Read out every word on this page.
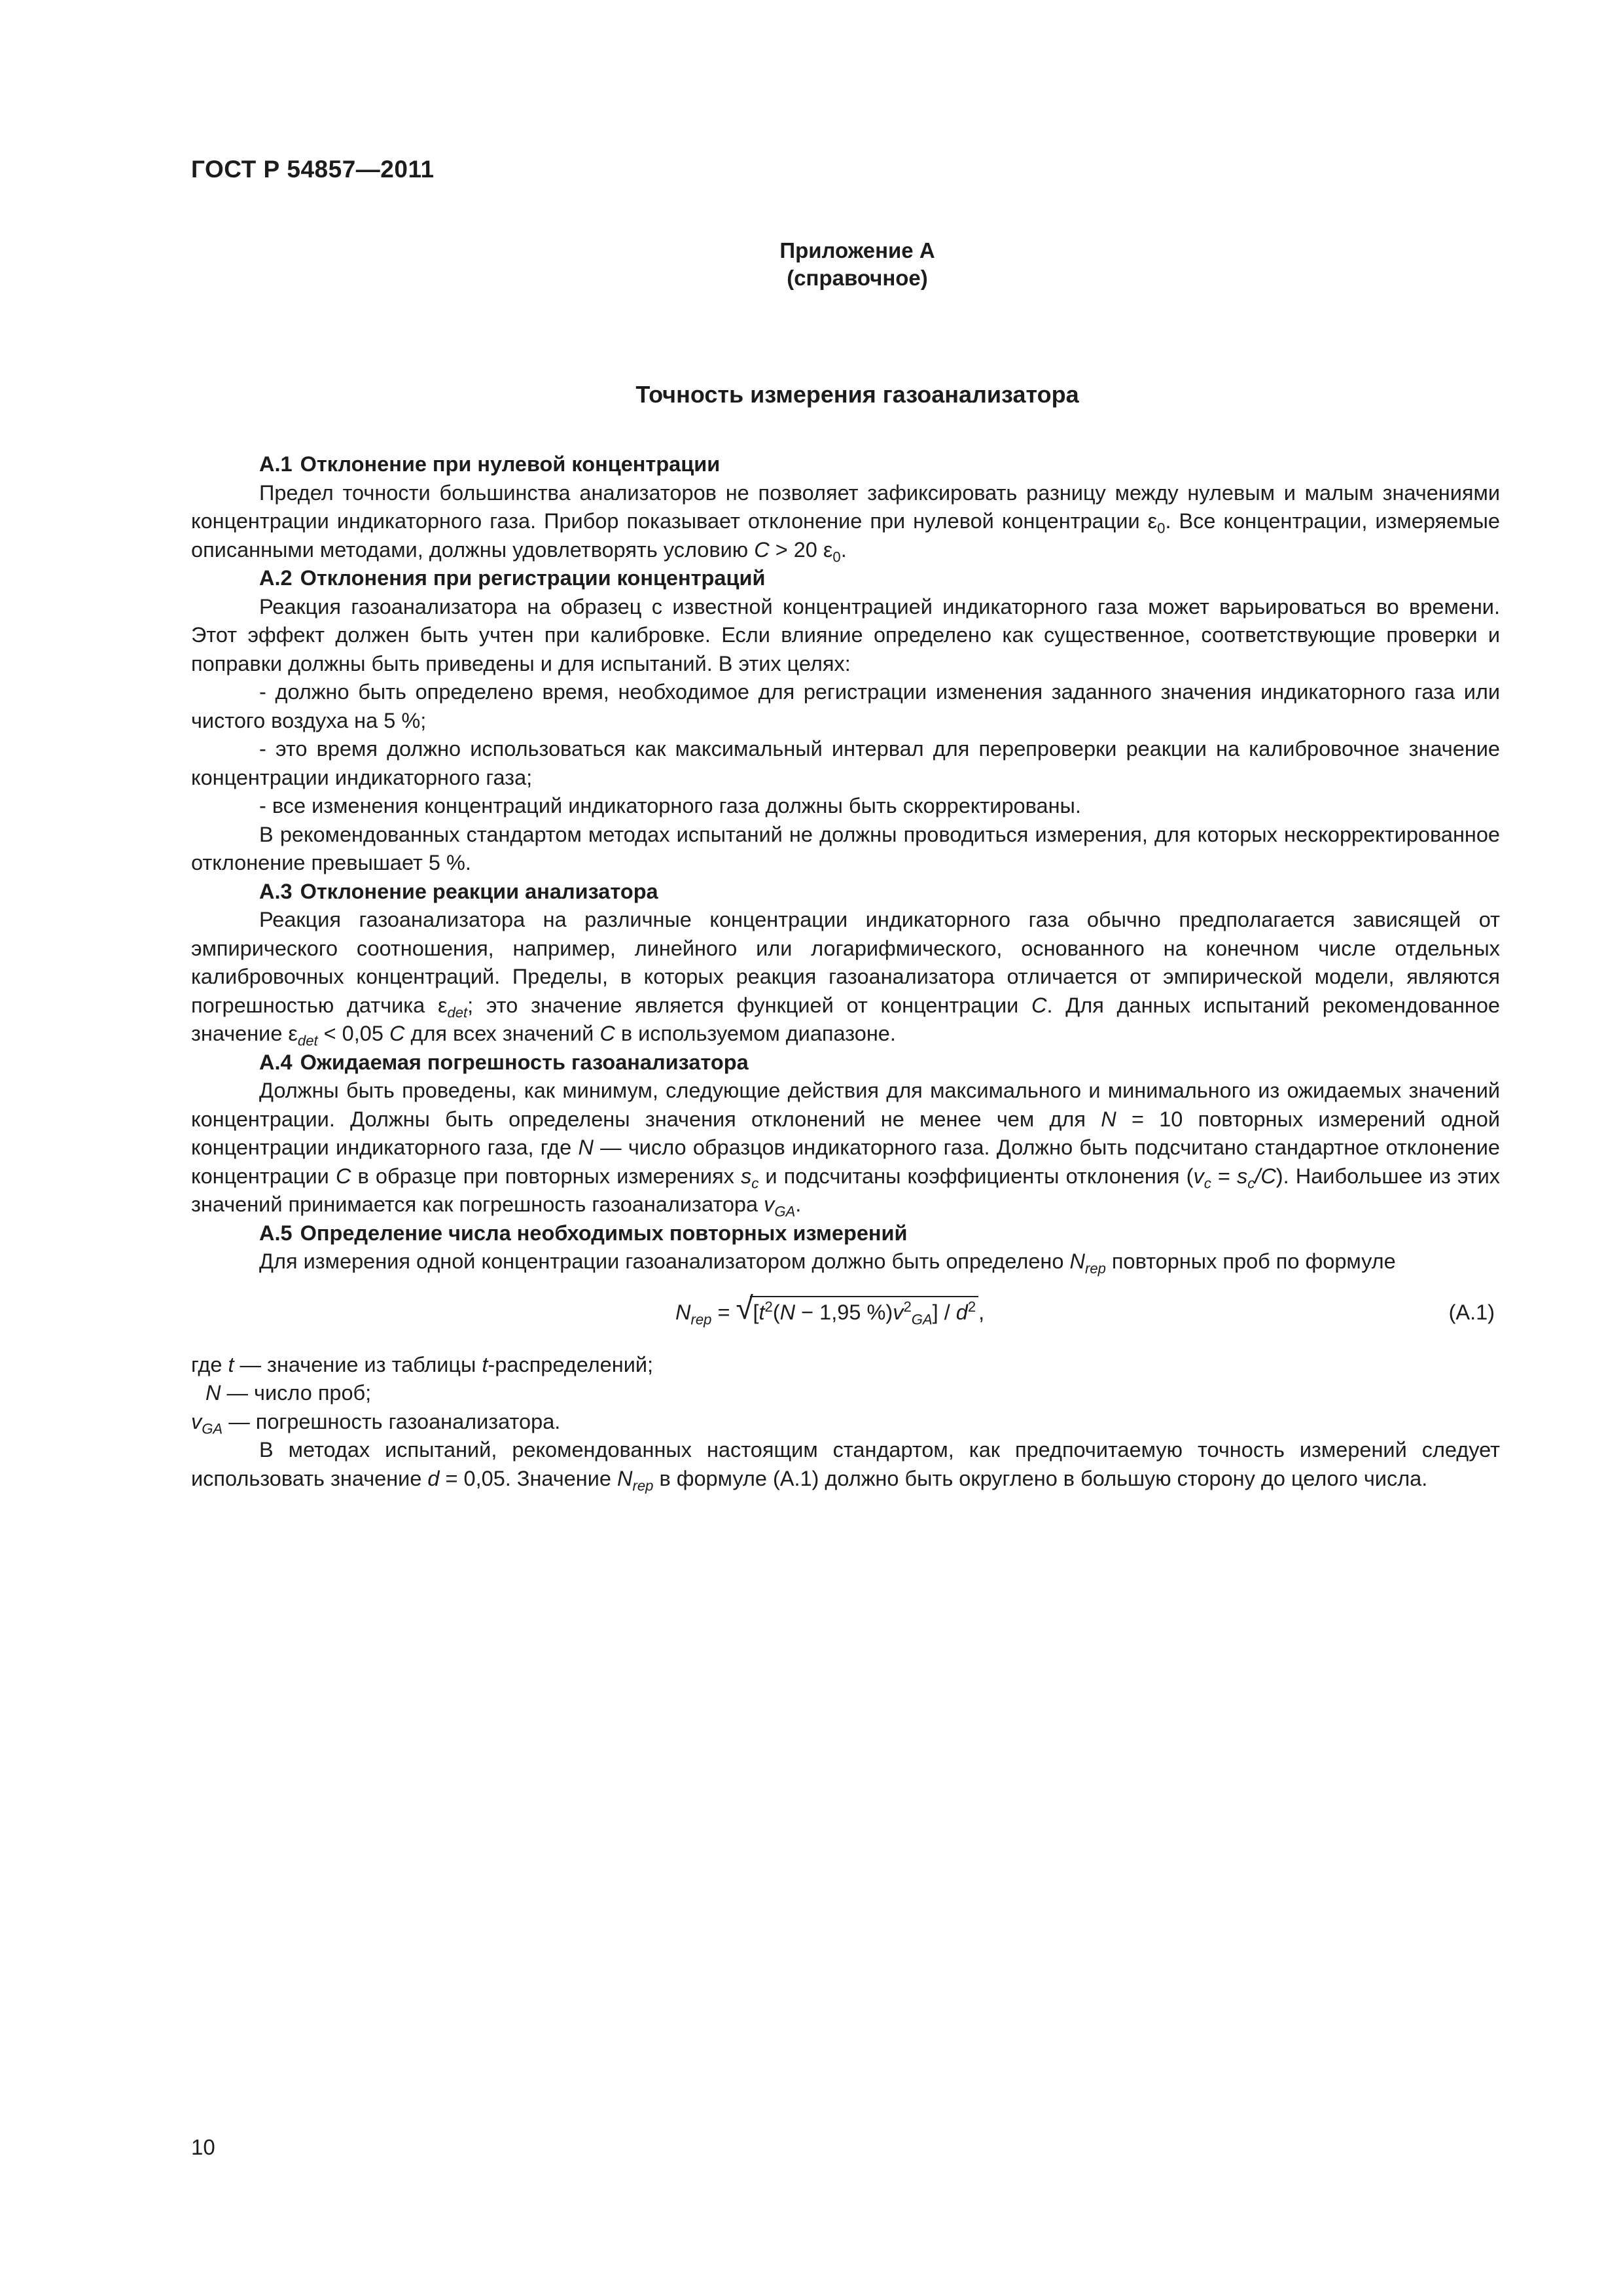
ГОСТ Р 54857—2011
Приложение А
(справочное)
Точность измерения газоанализатора
А.1 Отклонение при нулевой концентрации

Предел точности большинства анализаторов не позволяет зафиксировать разницу между нулевым и малым значениями концентрации индикаторного газа. Прибор показывает отклонение при нулевой концентрации $\varepsilon_0$. Все концентрации, измеряемые описанными методами, должны удовлетворять условию С > 20 $\varepsilon_0$.

А.2 Отклонения при регистрации концентраций

Реакция газоанализатора на образец с известной концентрацией индикаторного газа может варьироваться во времени. Этот эффект должен быть учтен при калибровке. Если влияние определено как существенное, соответствующие проверки и поправки должны быть приведены и для испытаний. В этих целях:

- должно быть определено время, необходимое для регистрации изменения заданного значения индикаторного газа или чистого воздуха на 5 %;

- это время должно использоваться как максимальный интервал для перепроверки реакции на калибровочное значение концентрации индикаторного газа;

- все изменения концентраций индикаторного газа должны быть скорректированы.

В рекомендованных стандартом методах испытаний не должны проводиться измерения, для которых нескорректированное отклонение превышает 5 %.

А.3 Отклонение реакции анализатора

Реакция газоанализатора на различные концентрации индикаторного газа обычно предполагается зависящей от эмпирического соотношения, например, линейного или логарифмического, основанного на конечном числе отдельных калибровочных концентраций. Пределы, в которых реакция газоанализатора отличается от эмпирической модели, являются погрешностью датчика $\varepsilon_{det}$; это значение является функцией от концентрации С. Для данных испытаний рекомендованное значение $\varepsilon_{det} < 0,05$ С для всех значений С в используемом диапазоне.

А.4 Ожидаемая погрешность газоанализатора

Должны быть проведены, как минимум, следующие действия для максимального и минимального из ожидаемых значений концентрации. Должны быть определены значения отклонений не менее чем для N = 10 повторных измерений одной концентрации индикаторного газа, где N — число образцов индикаторного газа. Должно быть подсчитано стандартное отклонение концентрации С в образце при повторных измерениях $s_c$ и подсчитаны коэффициенты отклонения $(v_c = s_c/С)$. Наибольшее из этих значений принимается как погрешность газоанализатора $v_{GA}$.

А.5 Определение числа необходимых повторных измерений

Для измерения одной концентрации газоанализатором должно быть определено $N_{rep}$ повторных проб по формуле

$N_{rep}$ = √ [$t^2(N - 1,95$ $\%)v^2_{GA}] / d^2$ ,	(А.1)

где t — значение из таблицы t-распределений;

N — число проб;

$v_{GA}$ — погрешность газоанализатора.

В методах испытаний, рекомендованных настоящим стандартом, как предпочитаемую точность измерений следует использовать значение d = 0,05. Значение $N_{rep}$ в формуле (А.1) должно быть округлено в большую сторону до целого числа.

10
